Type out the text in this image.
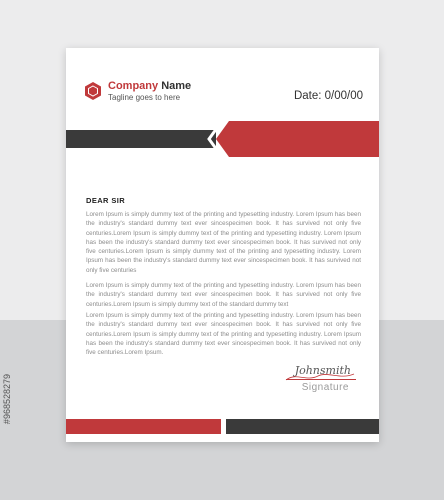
Company Name
Tagline goes to here	Date: 0/00/00
DEAR SIR

Lorem Ipsum is simply dummy text of the printing and typesetting industry. Lorem Ipsum has been the industry's standard dummy text ever sincespecimen book. It has survived not only five centuries.Lorem Ipsum is simply dummy text of the printing and typesetting industry. Lorem Ipsum has been the industry's standard dummy text ever sincespecimen book. It has survived not only five centuries.Lorem Ipsum is simply dummy text of the printing and typesetting industry. Lorem Ipsum has been the industry's standard dummy text ever sincespecimen book. It has survived not only five centuries

Lorem Ipsum is simply dummy text of the printing and typesetting industry. Lorem Ipsum has been the industry's standard dummy text ever sincespecimen book. It has survived not only five centuries.Lorem Ipsum is simply dummy text of the standard dummy text

Lorem Ipsum is simply dummy text of the printing and typesetting industry. Lorem Ipsum has been the industry's standard dummy text ever sincespecimen book. It has survived not only five centuries.Lorem Ipsum is simply dummy text of the printing and typesetting industry. Lorem Ipsum has been the industry's standard dummy text ever sincespecimen book. It has survived not only five centuries.Lorem Ipsum.

Johnsmith
Signature
#968528279
